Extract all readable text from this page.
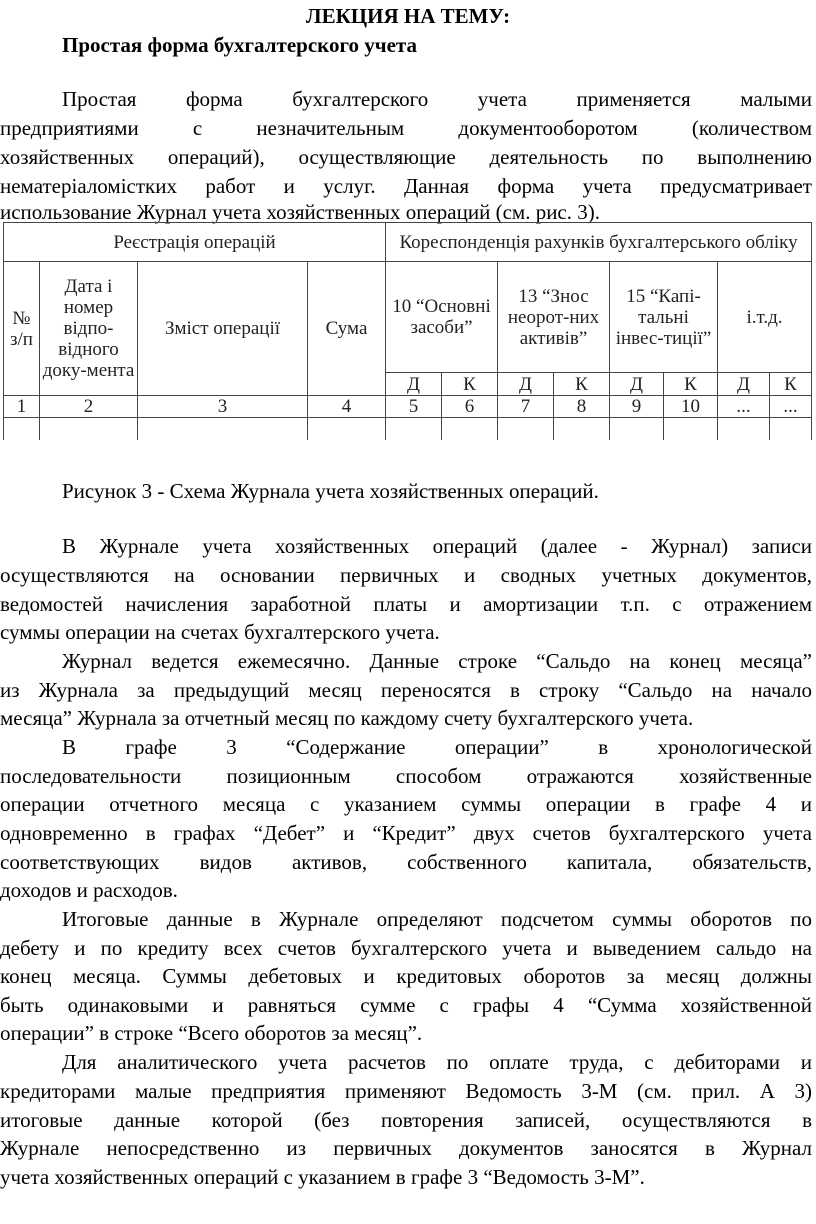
ЛЕКЦИЯ НА ТЕМУ:
Простая форма бухгалтерского учета
Простая форма бухгалтерского учета применяется малыми
предприятиями с незначительным документооборотом (количеством
хозяйственных операций), осуществляющие деятельность по выполнению
нематеріаломістких работ и услуг. Данная форма учета предусматривает
использование Журнал учета хозяйственных операций (см. рис. 3).
Реєстрація операцій				Кореспонденція рахунків бухгалтерського обліку							
№ з/п	Дата і номер відпо-відного доку-мента	Зміст операції	Сума	10 “Основні засоби”		13 “Знос неорот-них активів”		15 “Капі-тальні інвес-тиції”		і.т.д.	
				Д	К	Д	К	Д	К	Д	К
1	2	3	4	5	6	7	8	9	10	...	...

Рисунок 3 - Схема Журнала учета хозяйственных операций.
В Журнале учета хозяйственных операций (далее - Журнал) записи
осуществляются на основании первичных и сводных учетных документов,
ведомостей начисления заработной платы и амортизации т.п. с отражением
суммы операции на счетах бухгалтерского учета.
Журнал ведется ежемесячно. Данные строке “Сальдо на конец месяца”
из Журнала за предыдущий месяц переносятся в строку “Сальдо на начало
месяца” Журнала за отчетный месяц по каждому счету бухгалтерского учета.
В графе 3 “Содержание операции” в хронологической
последовательности позиционным способом отражаются хозяйственные
операции отчетного месяца с указанием суммы операции в графе 4 и
одновременно в графах “Дебет” и “Кредит” двух счетов бухгалтерского учета
соответствующих видов активов, собственного капитала, обязательств,
доходов и расходов.
Итоговые данные в Журнале определяют подсчетом суммы оборотов по
дебету и по кредиту всех счетов бухгалтерского учета и выведением сальдо на
конец месяца. Суммы дебетовых и кредитовых оборотов за месяц должны
быть одинаковыми и равняться сумме с графы 4 “Сумма хозяйственной
операции” в строке “Всего оборотов за месяц”.
Для аналитического учета расчетов по оплате труда, с дебиторами и
кредиторами малые предприятия применяют Ведомость 3-М (см. прил. А 3)
итоговые данные которой (без повторения записей, осуществляются в
Журнале непосредственно из первичных документов заносятся в Журнал
учета хозяйственных операций с указанием в графе 3 “Ведомость 3-М”.
